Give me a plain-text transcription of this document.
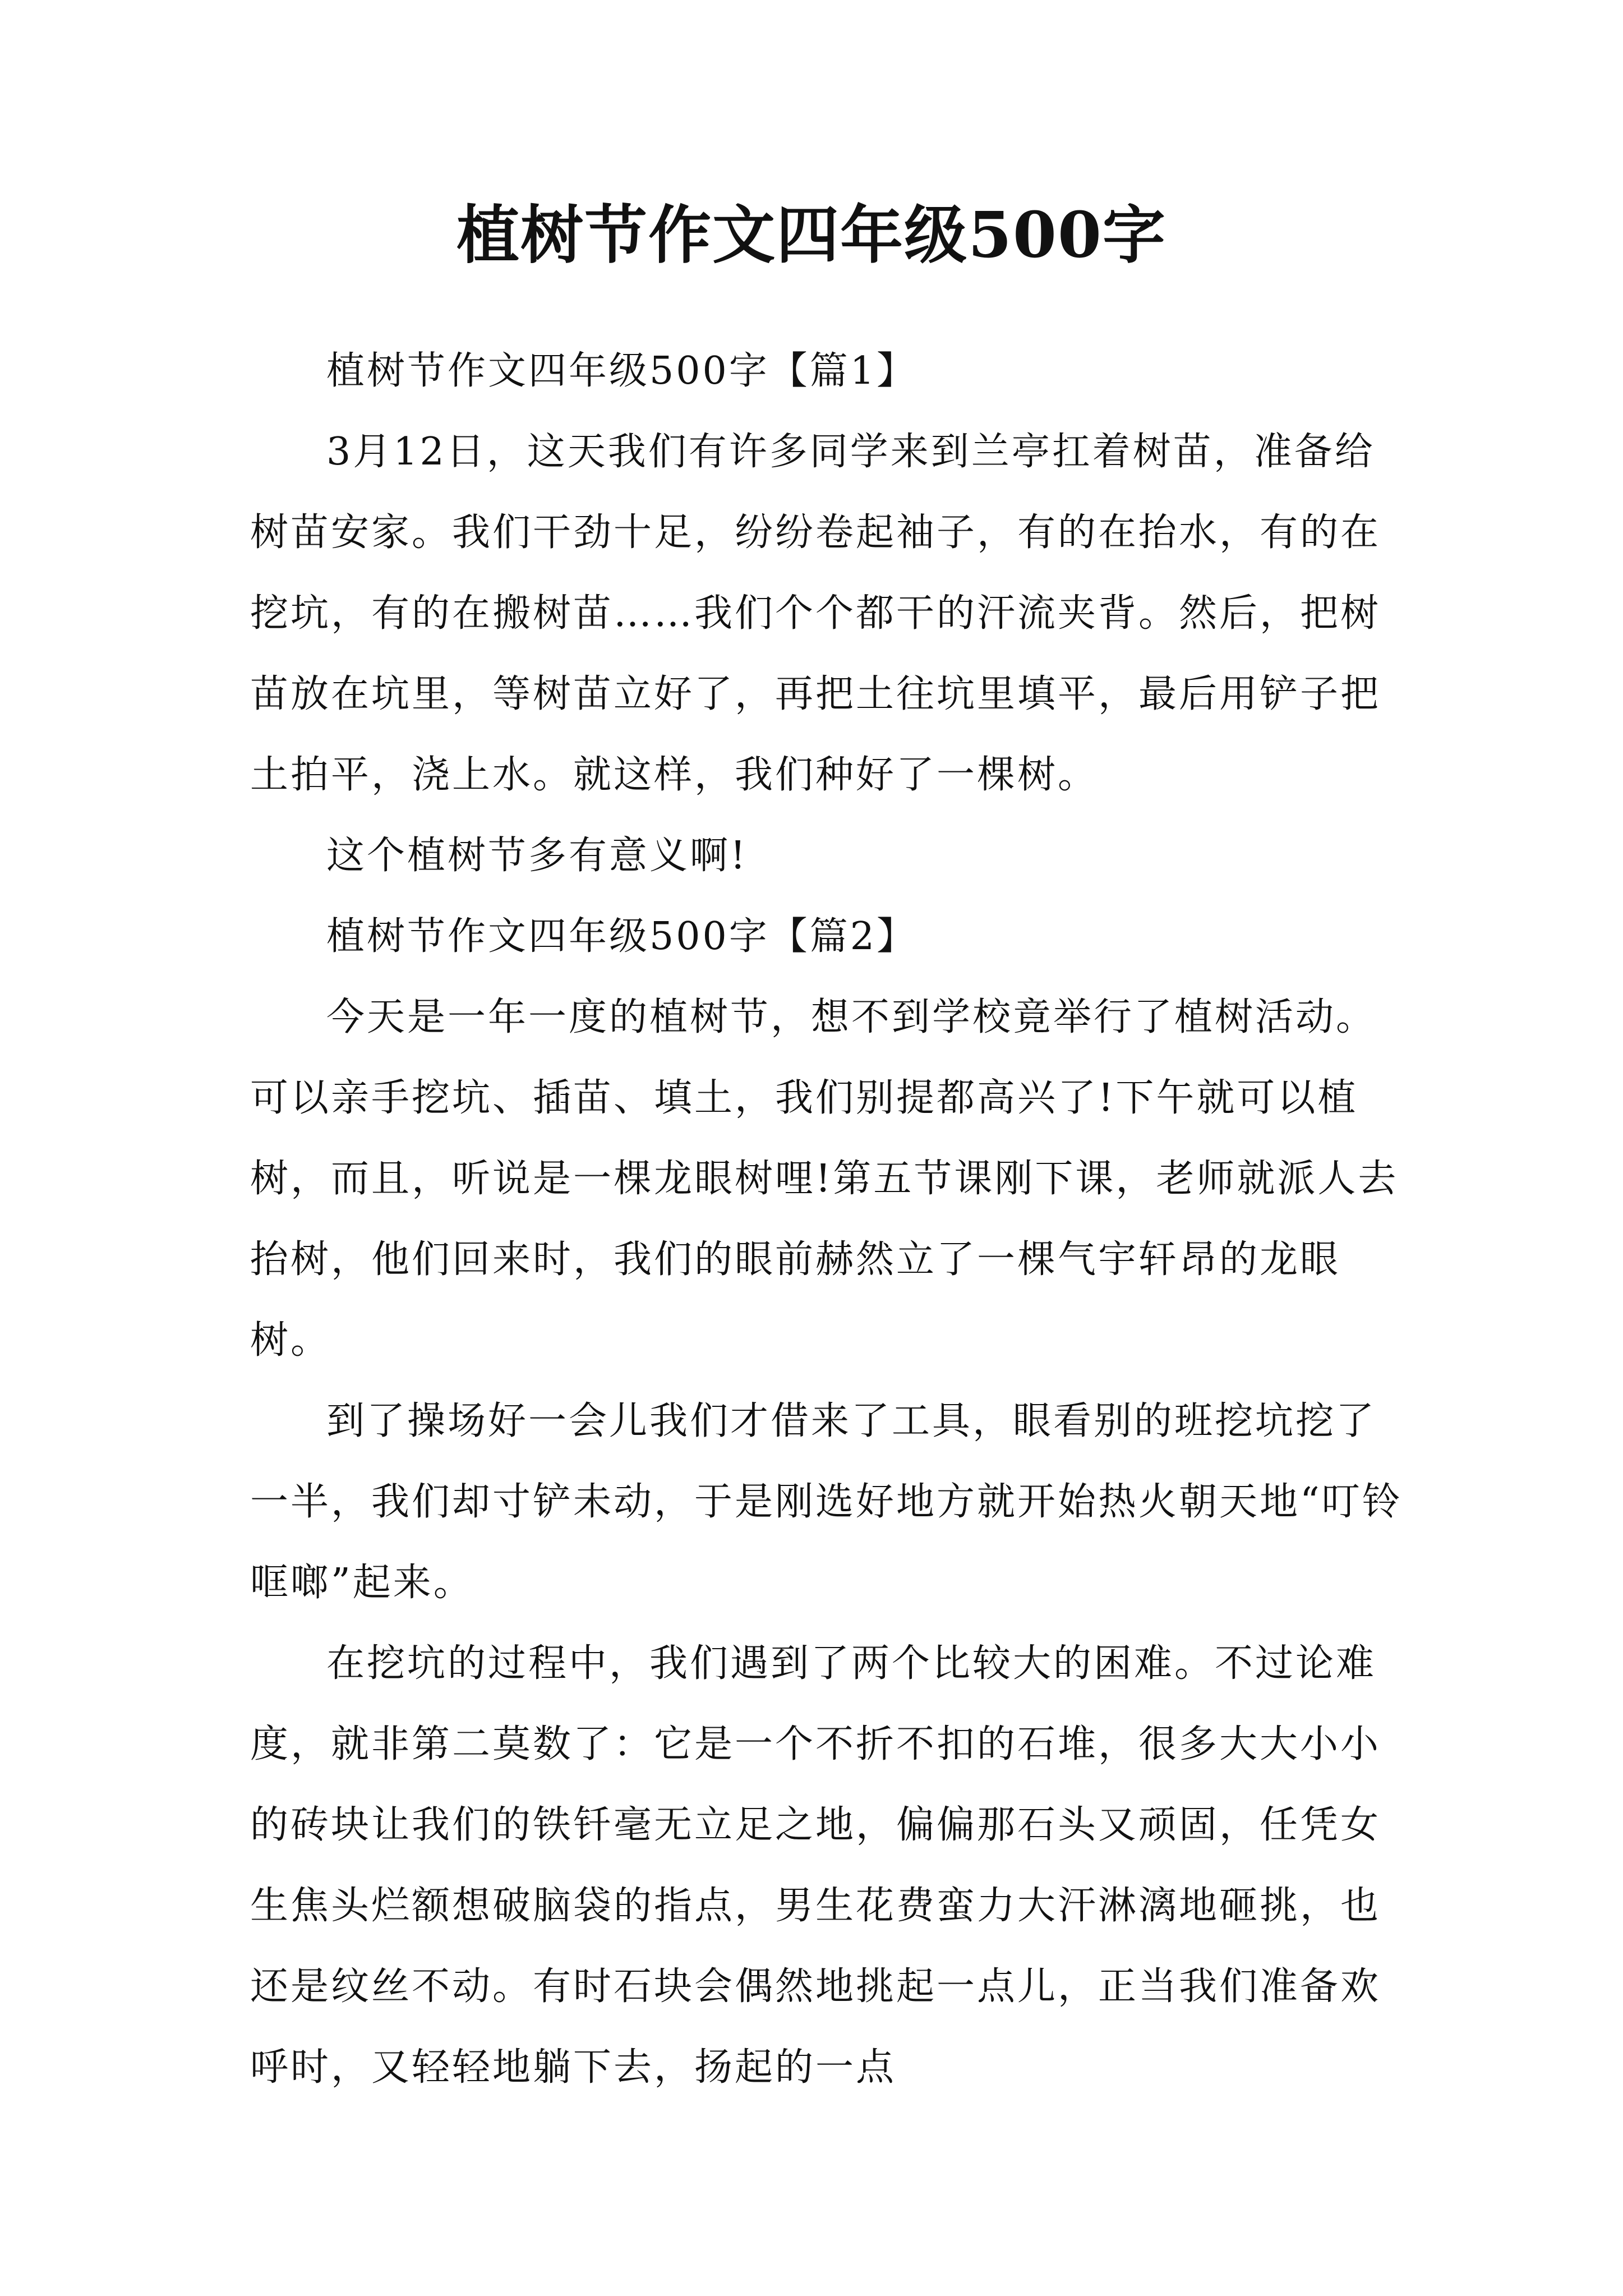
植树节作文四年级500字

植树节作文四年级500字【篇1】

3月12日，这天我们有许多同学来到兰亭扛着树苗，准备给树苗安家。我们干劲十足，纷纷卷起袖子，有的在抬水，有的在挖坑，有的在搬树苗……我们个个都干的汗流夹背。然后，把树苗放在坑里，等树苗立好了，再把土往坑里填平，最后用铲子把土拍平，浇上水。就这样，我们种好了一棵树。

这个植树节多有意义啊!

植树节作文四年级500字【篇2】

今天是一年一度的植树节，想不到学校竟举行了植树活动。可以亲手挖坑、插苗、填土，我们别提都高兴了!下午就可以植树，而且，听说是一棵龙眼树哩!第五节课刚下课，老师就派人去抬树，他们回来时，我们的眼前赫然立了一棵气宇轩昂的龙眼树。

到了操场好一会儿我们才借来了工具，眼看别的班挖坑挖了一半，我们却寸铲未动，于是刚选好地方就开始热火朝天地“叮铃哐啷”起来。

在挖坑的过程中，我们遇到了两个比较大的困难。不过论难度，就非第二莫数了：它是一个不折不扣的石堆，很多大大小小的砖块让我们的铁钎毫无立足之地，偏偏那石头又顽固，任凭女生焦头烂额想破脑袋的指点，男生花费蛮力大汗淋漓地砸挑，也还是纹丝不动。有时石块会偶然地挑起一点儿，正当我们准备欢呼时，又轻轻地躺下去，扬起的一点
